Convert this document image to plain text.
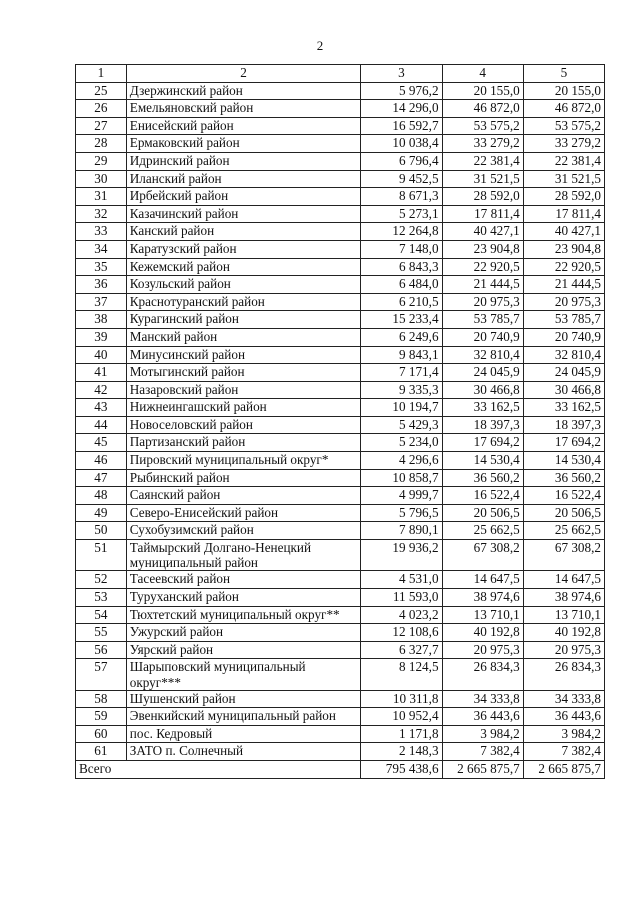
2
1	2	3	4	5
25	Дзержинский район	5 976,2	20 155,0	20 155,0
26	Емельяновский район	14 296,0	46 872,0	46 872,0
27	Енисейский район	16 592,7	53 575,2	53 575,2
28	Ермаковский район	10 038,4	33 279,2	33 279,2
29	Идринский район	6 796,4	22 381,4	22 381,4
30	Иланский район	9 452,5	31 521,5	31 521,5
31	Ирбейский район	8 671,3	28 592,0	28 592,0
32	Казачинский район	5 273,1	17 811,4	17 811,4
33	Канский район	12 264,8	40 427,1	40 427,1
34	Каратузский район	7 148,0	23 904,8	23 904,8
35	Кежемский район	6 843,3	22 920,5	22 920,5
36	Козульский район	6 484,0	21 444,5	21 444,5
37	Краснотуранский район	6 210,5	20 975,3	20 975,3
38	Курагинский район	15 233,4	53 785,7	53 785,7
39	Манский район	6 249,6	20 740,9	20 740,9
40	Минусинский район	9 843,1	32 810,4	32 810,4
41	Мотыгинский район	7 171,4	24 045,9	24 045,9
42	Назаровский район	9 335,3	30 466,8	30 466,8
43	Нижнеингашский район	10 194,7	33 162,5	33 162,5
44	Новоселовский район	5 429,3	18 397,3	18 397,3
45	Партизанский район	5 234,0	17 694,2	17 694,2
46	Пировский муниципальный округ*	4 296,6	14 530,4	14 530,4
47	Рыбинский район	10 858,7	36 560,2	36 560,2
48	Саянский район	4 999,7	16 522,4	16 522,4
49	Северо-Енисейский район	5 796,5	20 506,5	20 506,5
50	Сухобузимский район	7 890,1	25 662,5	25 662,5
51	Таймырский Долгано-Ненецкий муниципальный район	19 936,2	67 308,2	67 308,2
52	Тасеевский район	4 531,0	14 647,5	14 647,5
53	Туруханский район	11 593,0	38 974,6	38 974,6
54	Тюхтетский муниципальный округ**	4 023,2	13 710,1	13 710,1
55	Ужурский район	12 108,6	40 192,8	40 192,8
56	Уярский район	6 327,7	20 975,3	20 975,3
57	Шарыповский муниципальный округ***	8 124,5	26 834,3	26 834,3
58	Шушенский район	10 311,8	34 333,8	34 333,8
59	Эвенкийский муниципальный район	10 952,4	36 443,6	36 443,6
60	пос. Кедровый	1 171,8	3 984,2	3 984,2
61	ЗАТО п. Солнечный	2 148,3	7 382,4	7 382,4
Всего		795 438,6	2 665 875,7	2 665 875,7
